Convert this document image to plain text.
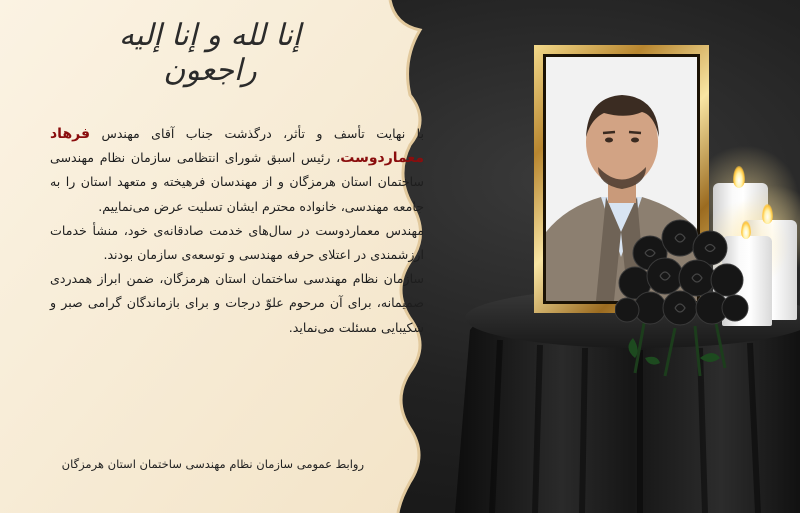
إنا لله و إنا إليه راجعون

با نهایت تأسف و تأثر، درگذشت جناب آقای مهندس فرهاد معماردوست، رئیس اسبق شورای انتظامی سازمان نظام مهندسی ساختمان استان هرمزگان و از مهندسان فرهیخته و متعهد استان را به جامعه مهندسی، خانواده محترم ایشان تسلیت عرض می‌نماییم.

مهندس معماردوست در سال‌های خدمت صادقانه‌ی خود، منشأ خدمات ارزشمندی در اعتلای حرفه مهندسی و توسعه‌ی سازمان بودند.

سازمان نظام مهندسی ساختمان استان هرمزگان، ضمن ابراز همدردی صمیمانه، برای آن مرحوم علوّ درجات و برای بازماندگان گرامی صبر و شکیبایی مسئلت می‌نماید.

روابط عمومی سازمان نظام مهندسی ساختمان استان هرمزگان
